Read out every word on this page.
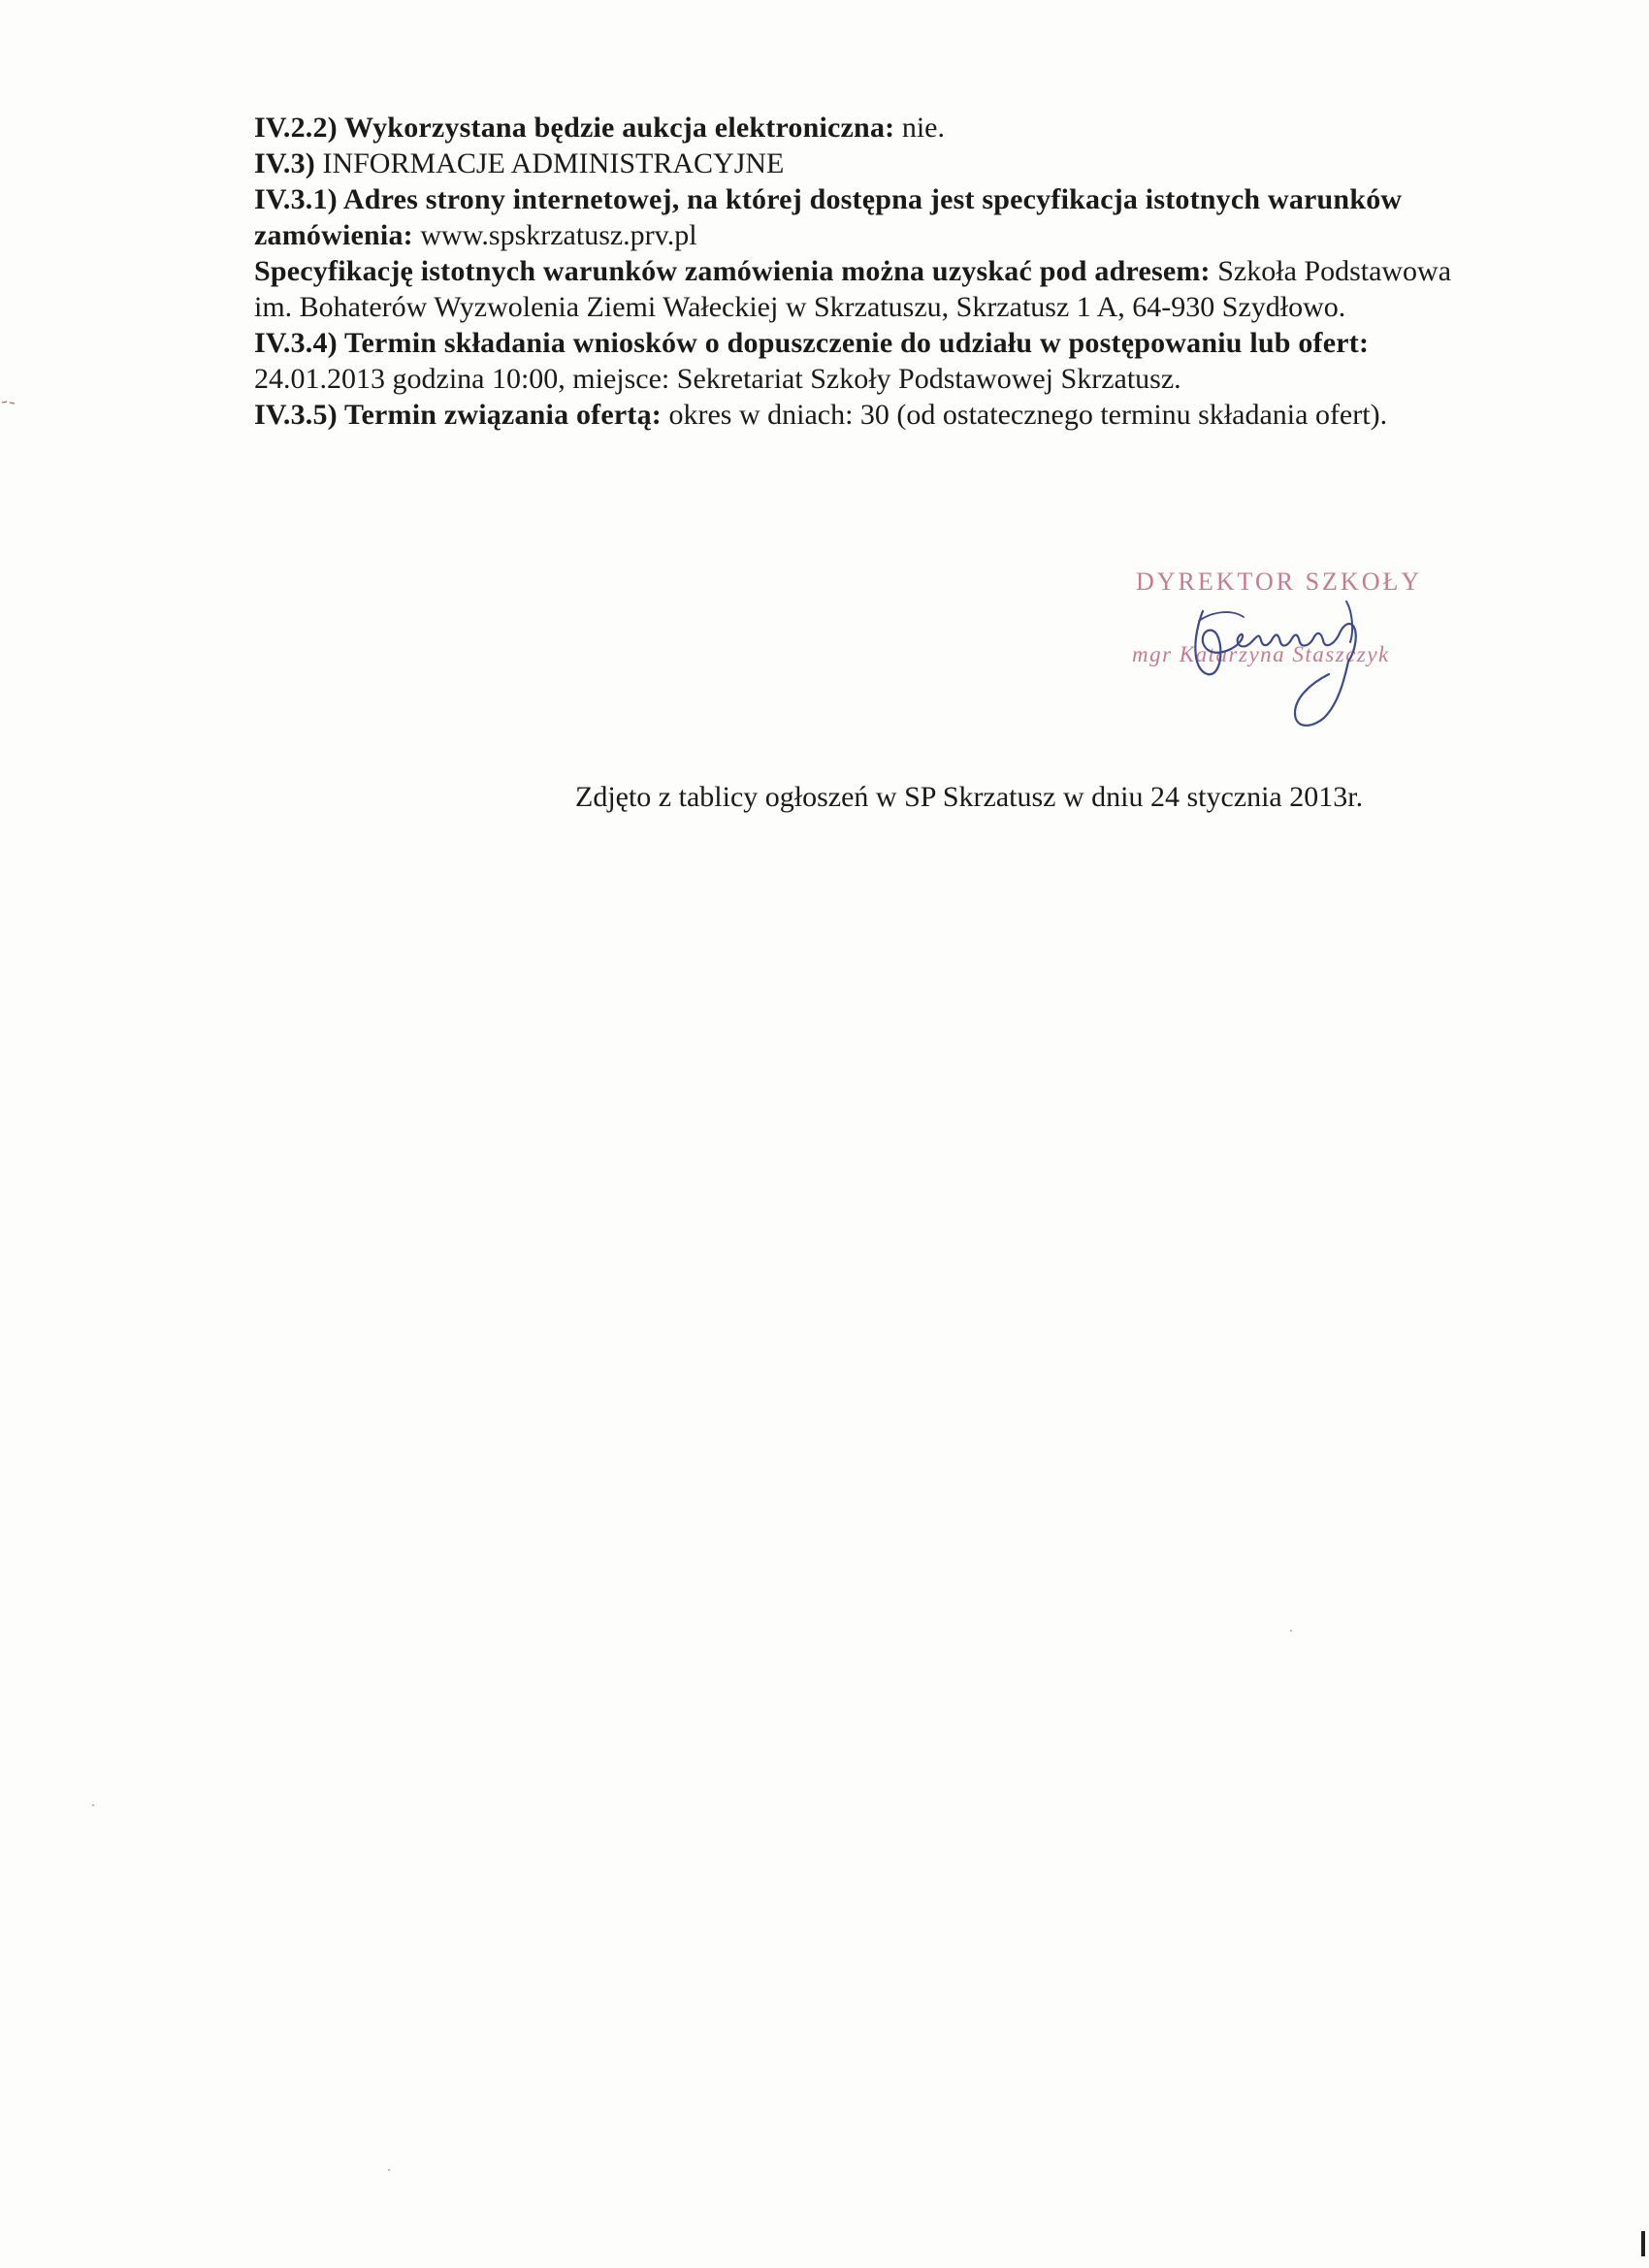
IV.2.2) Wykorzystana będzie aukcja elektroniczna: nie.

IV.3) INFORMACJE ADMINISTRACYJNE

IV.3.1) Adres strony internetowej, na której dostępna jest specyfikacja istotnych warunków zamówienia: www.spskrzatusz.prv.pl

Specyfikację istotnych warunków zamówienia można uzyskać pod adresem: Szkoła Podstawowa im. Bohaterów Wyzwolenia Ziemi Wałeckiej w Skrzatuszu, Skrzatusz 1 A, 64-930 Szydłowo.

IV.3.4) Termin składania wniosków o dopuszczenie do udziału w postępowaniu lub ofert: 24.01.2013 godzina 10:00, miejsce: Sekretariat Szkoły Podstawowej Skrzatusz.

IV.3.5) Termin związania ofertą: okres w dniach: 30 (od ostatecznego terminu składania ofert).

DYREKTOR SZKOŁY
mgr Katarzyna Staszczyk
Zdjęto z tablicy ogłoszeń w SP Skrzatusz w dniu 24 stycznia 2013r.
